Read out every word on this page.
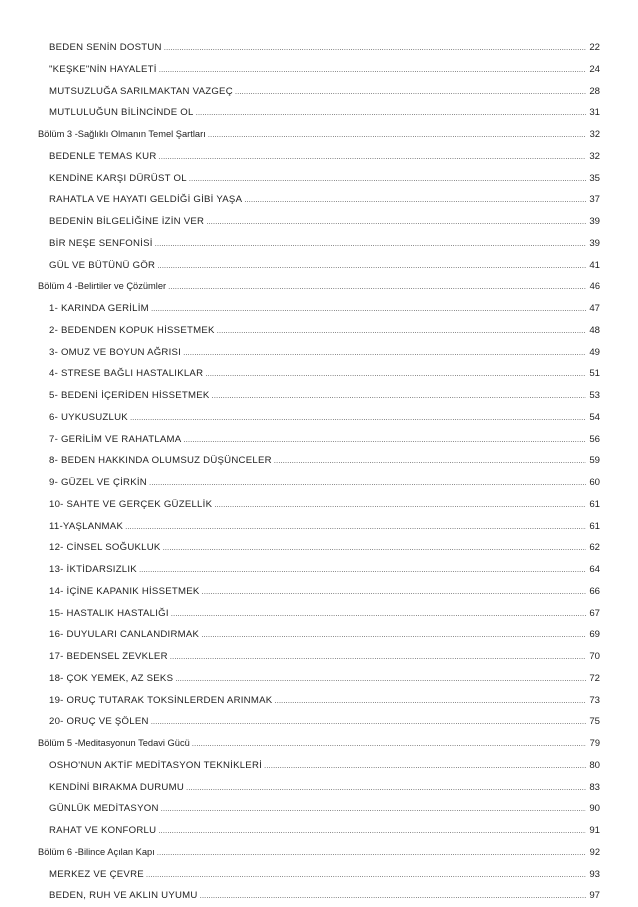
BEDEN SENİN DOSTUN .....	22
"KEŞKE"NİN HAYALETİ .....	24
MUTSUZLUĞA SARILMAKTAN VAZGEÇ .....	28
MUTLULUĞUN BİLİNCİNDE OL .....	31
Bölüm 3 -Sağlıklı Olmanın Temel Şartları .....	32
BEDENLE TEMAS KUR .....	32
KENDİNE KARŞI DÜRÜST OL .....	35
RAHATLA VE HAYATI GELDİĞİ GİBİ YAŞA .....	37
BEDENİN BİLGELİĞİNE İZİN VER .....	39
BİR NEŞE SENFONİSİ .....	39
GÜL VE BÜTÜNÜ GÖR .....	41
Bölüm 4 -Belirtiler ve Çözümler .....	46
1- KARINDA GERİLİM .....	47
2- BEDENDEN KOPUK HİSSETMEK .....	48
3- OMUZ VE BOYUN AĞRISI .....	49
4- STRESE BAĞLI HASTALIKLAR .....	51
5- BEDENİ İÇERİDEN HİSSETMEK .....	53
6- UYKUSUZLUK .....	54
7- GERİLİM VE RAHATLAMA .....	56
8- BEDEN HAKKINDA OLUMSUZ DÜŞÜNCELER .....	59
9- GÜZEL VE ÇİRKİN .....	60
10- SAHTE VE GERÇEK GÜZELLİK .....	61
11-YAŞLANMAK .....	61
12- CİNSEL SOĞUKLUK .....	62
13- İKTİDARSIZLIK .....	64
14- İÇİNE KAPANIK HİSSETMEK .....	66
15- HASTALIK HASTALIĞI .....	67
16- DUYULARI CANLANDIRMAK .....	69
17- BEDENSEL ZEVKLER .....	70
18- ÇOK YEMEK, AZ SEKS .....	72
19- ORUÇ TUTARAK TOKSİNLERDEN ARINMAK .....	73
20- ORUÇ VE ŞÖLEN .....	75
Bölüm 5 -Meditasyonun Tedavi Gücü .....	79
OSHO'NUN AKTİF MEDİTASYON TEKNİKLERİ .....	80
KENDİNİ BIRAKMA DURUMU .....	83
GÜNLÜK MEDİTASYON .....	90
RAHAT VE KONFORLU .....	91
Bölüm 6 -Bilince Açılan Kapı .....	92
MERKEZ VE ÇEVRE .....	93
BEDEN, RUH VE AKLIN UYUMU .....	97
